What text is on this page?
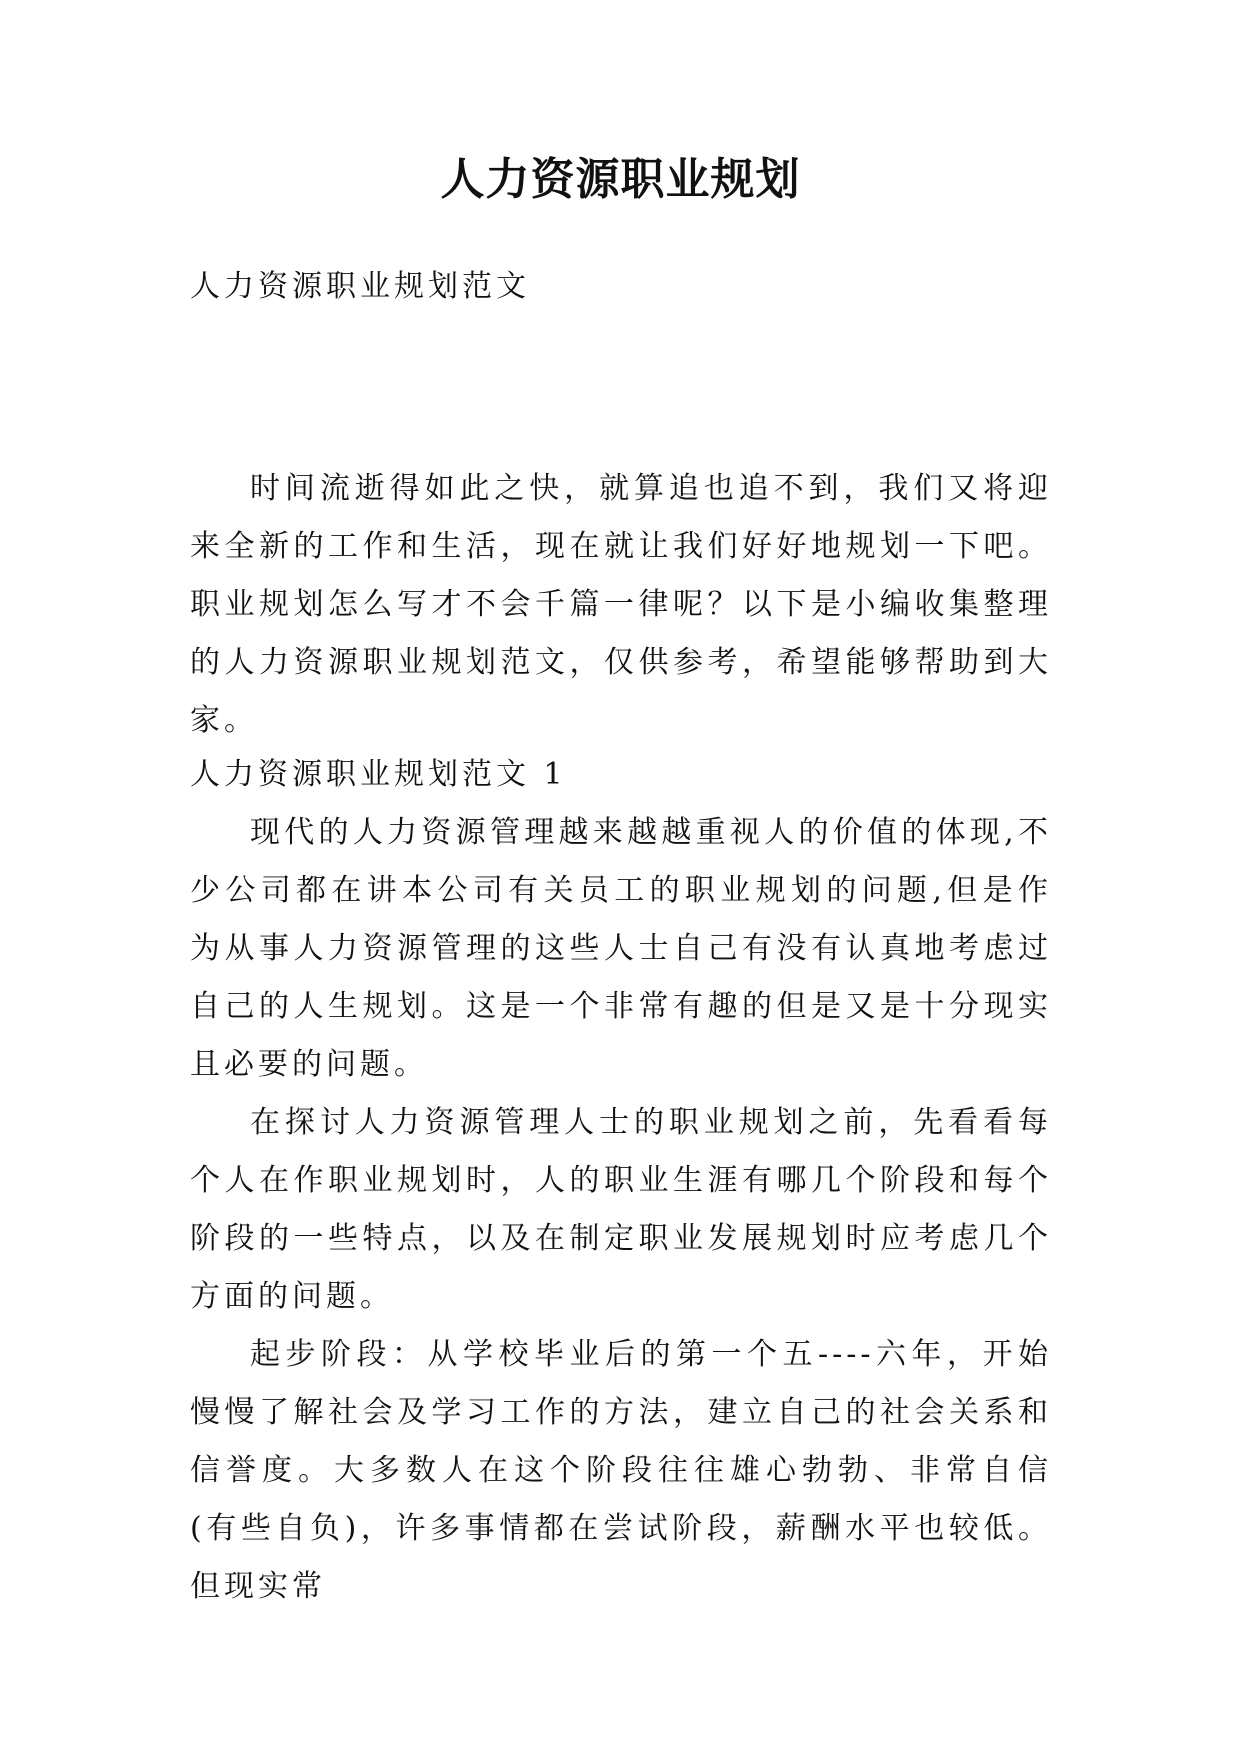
人力资源职业规划
人力资源职业规划范文

时间流逝得如此之快，就算追也追不到，我们又将迎来全新的工作和生活，现在就让我们好好地规划一下吧。职业规划怎么写才不会千篇一律呢？以下是小编收集整理的人力资源职业规划范文，仅供参考，希望能够帮助到大家。

人力资源职业规划范文 1

现代的人力资源管理越来越越重视人的价值的体现,不少公司都在讲本公司有关员工的职业规划的问题,但是作为从事人力资源管理的这些人士自己有没有认真地考虑过自己的人生规划。这是一个非常有趣的但是又是十分现实且必要的问题。

在探讨人力资源管理人士的职业规划之前，先看看每个人在作职业规划时，人的职业生涯有哪几个阶段和每个阶段的一些特点，以及在制定职业发展规划时应考虑几个方面的问题。

起步阶段：从学校毕业后的第一个五----六年，开始慢慢了解社会及学习工作的方法，建立自己的社会关系和信誉度。大多数人在这个阶段往往雄心勃勃、非常自信(有些自负)，许多事情都在尝试阶段，薪酬水平也较低。但现实常
